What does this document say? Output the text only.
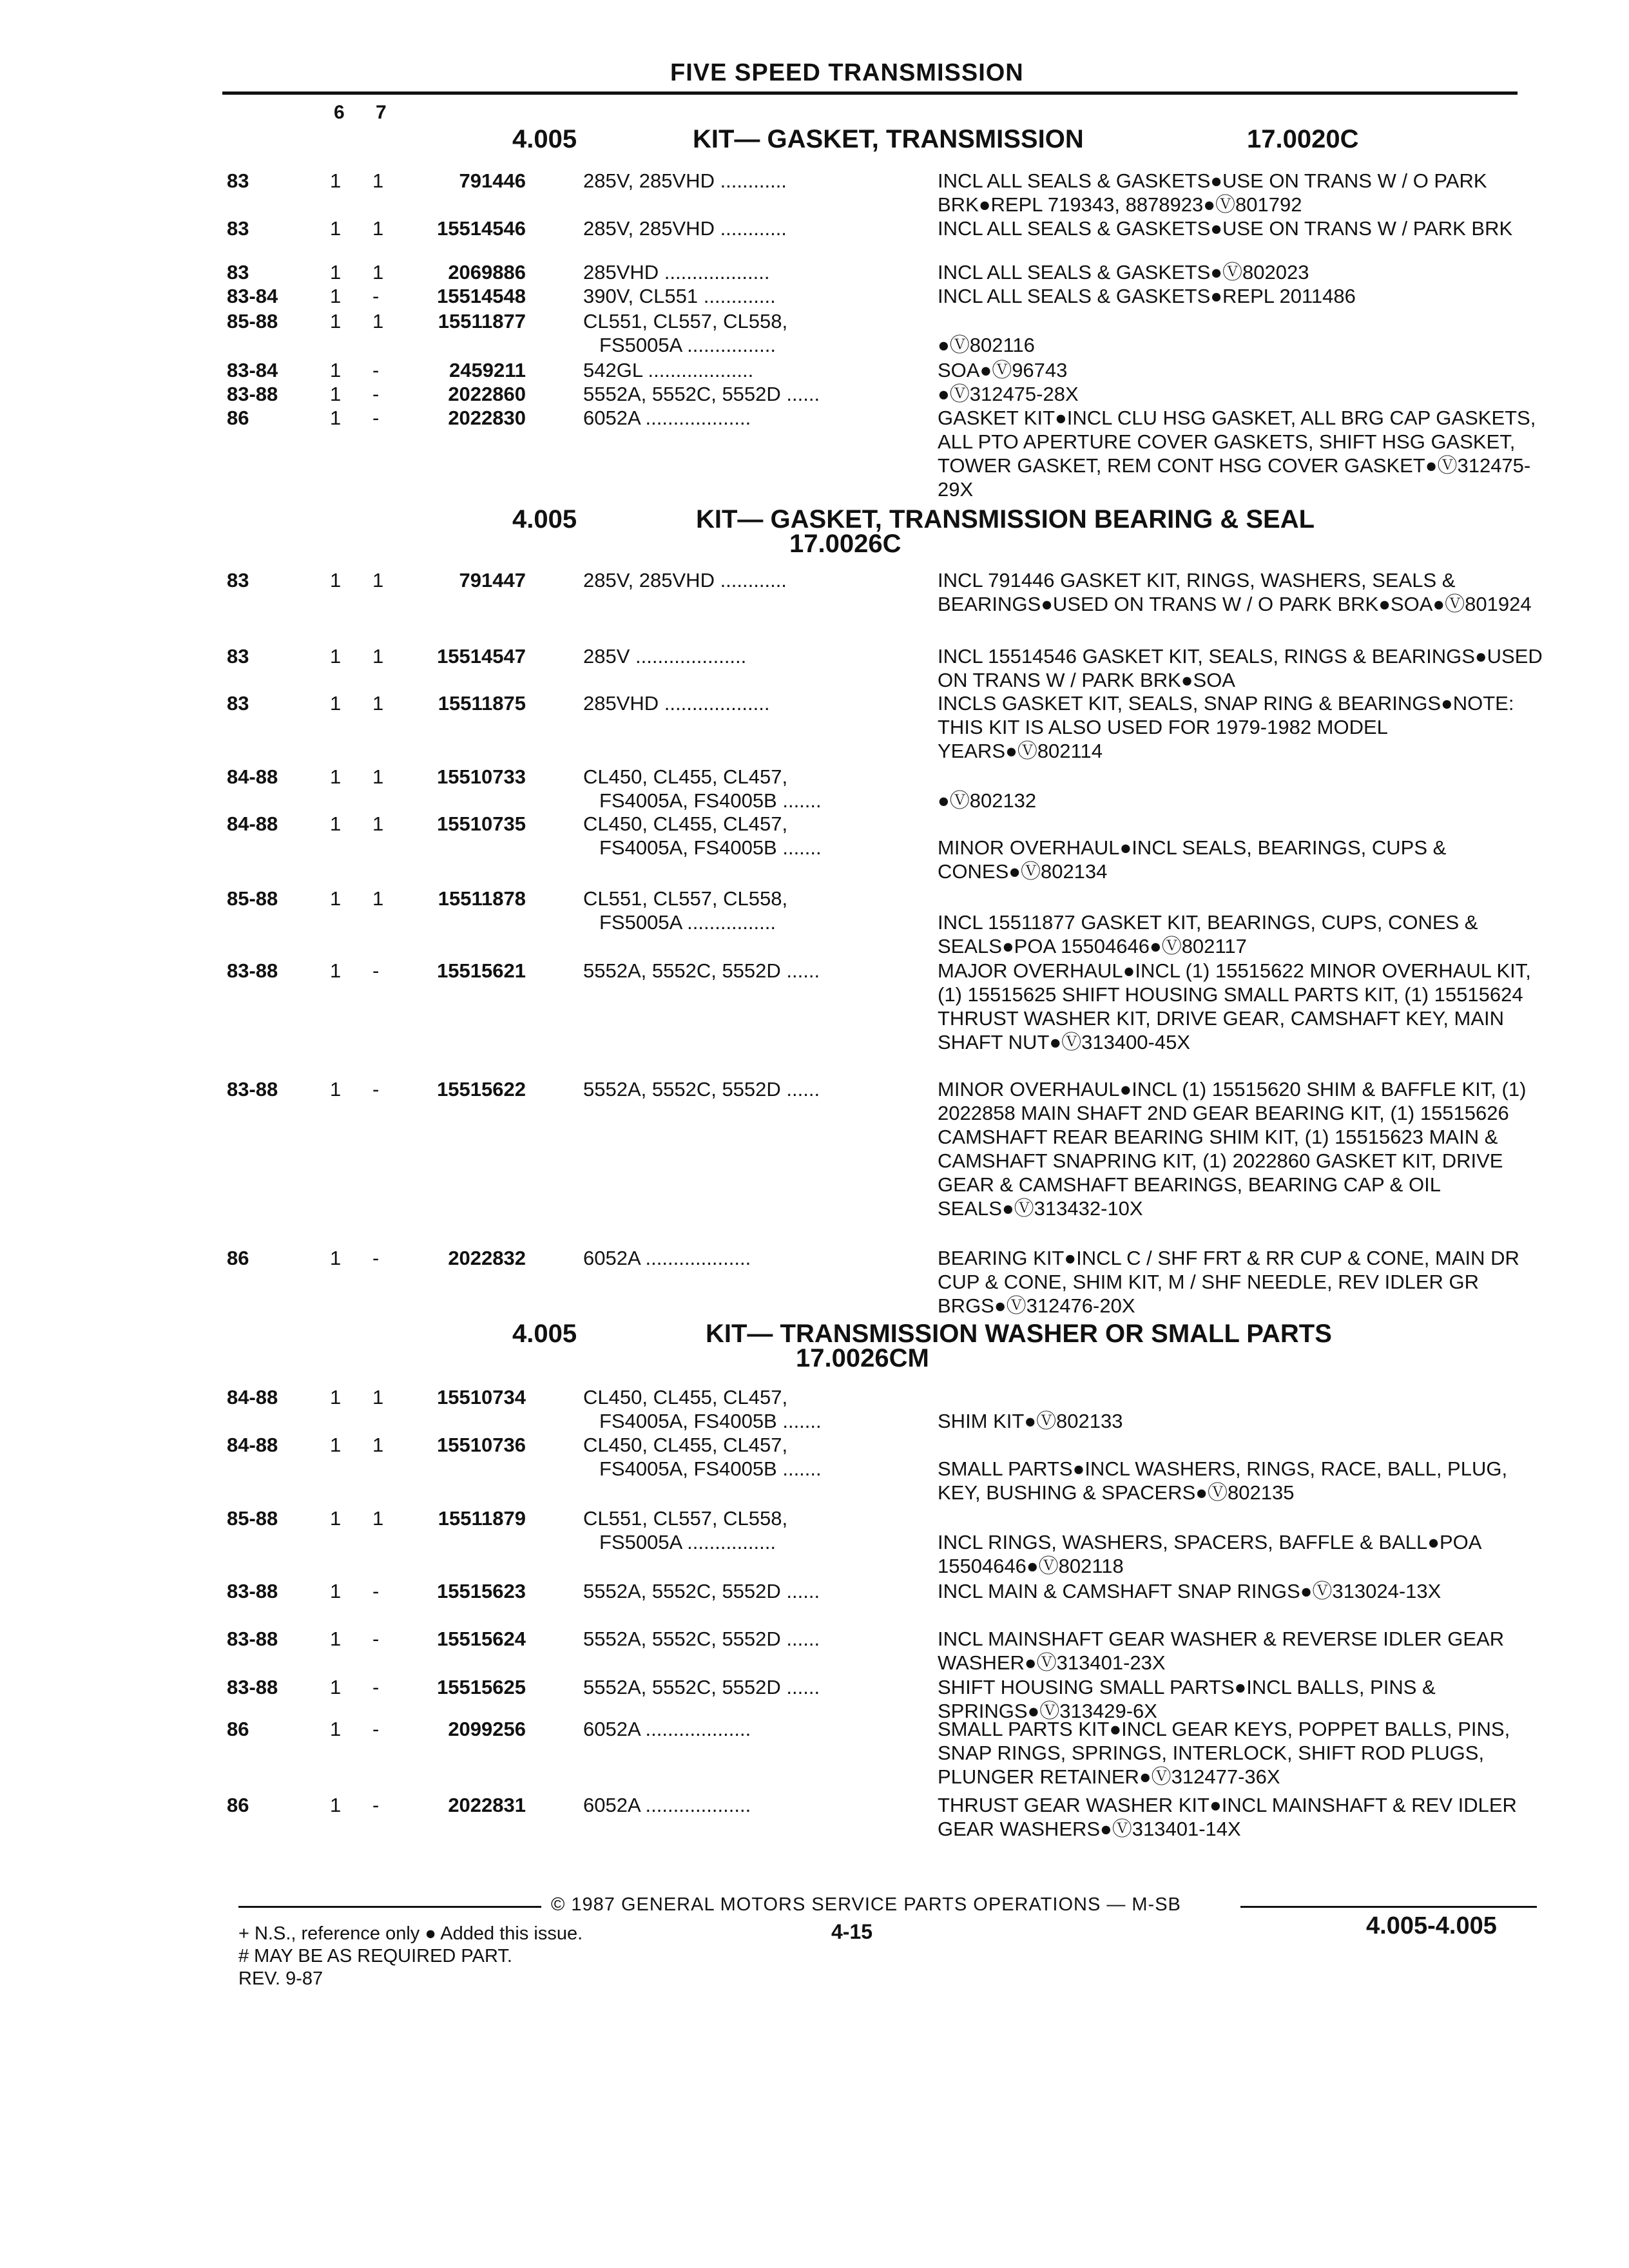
FIVE SPEED TRANSMISSION
6 7
4.005	KIT— GASKET, TRANSMISSION	17.0020C
83	1 1	791446	285V, 285VHD ............	INCL ALL SEALS & GASKETS●USE ON TRANS W / O PARK BRK●REPL 719343, 8878923●Ⓥ801792
83	1 1	15514546	285V, 285VHD ............	INCL ALL SEALS & GASKETS●USE ON TRANS W / PARK BRK
83	1 1	2069886	285VHD ...................	INCL ALL SEALS & GASKETS●Ⓥ802023
83-84	1 -	15514548	390V, CL551 .............	INCL ALL SEALS & GASKETS●REPL 2011486
85-88	1 1	15511877	CL551, CL557, CL558,
FS5005A ................	●Ⓥ802116
83-84	1 -	2459211	542GL ...................	SOA●Ⓥ96743
83-88	1 -	2022860	5552A, 5552C, 5552D ......	●Ⓥ312475-28X
86	1 -	2022830	6052A ...................	GASKET KIT●INCL CLU HSG GASKET, ALL BRG CAP GASKETS, ALL PTO APERTURE COVER GASKETS, SHIFT HSG GASKET, TOWER GASKET, REM CONT HSG COVER GASKET●Ⓥ312475-29X
4.005	KIT— GASKET, TRANSMISSION BEARING & SEAL
17.0026C
83	1 1	791447	285V, 285VHD ............	INCL 791446 GASKET KIT, RINGS, WASHERS, SEALS & BEARINGS●USED ON TRANS W / O PARK BRK●SOA●Ⓥ801924
83	1 1	15514547	285V ....................	INCL 15514546 GASKET KIT, SEALS, RINGS & BEARINGS●USED ON TRANS W / PARK BRK●SOA
83	1 1	15511875	285VHD ...................	INCLS GASKET KIT, SEALS, SNAP RING & BEARINGS●NOTE: THIS KIT IS ALSO USED FOR 1979-1982 MODEL YEARS●Ⓥ802114
84-88	1 1	15510733	CL450, CL455, CL457,
FS4005A, FS4005B .......	●Ⓥ802132
84-88	1 1	15510735	CL450, CL455, CL457,
FS4005A, FS4005B .......	MINOR OVERHAUL●INCL SEALS, BEARINGS, CUPS & CONES●Ⓥ802134
85-88	1 1	15511878	CL551, CL557, CL558,
FS5005A ................	INCL 15511877 GASKET KIT, BEARINGS, CUPS, CONES & SEALS●POA 15504646●Ⓥ802117
83-88	1 -	15515621	5552A, 5552C, 5552D ......	MAJOR OVERHAUL●INCL (1) 15515622 MINOR OVERHAUL KIT, (1) 15515625 SHIFT HOUSING SMALL PARTS KIT, (1) 15515624 THRUST WASHER KIT, DRIVE GEAR, CAMSHAFT KEY, MAIN SHAFT NUT●Ⓥ313400-45X
83-88	1 -	15515622	5552A, 5552C, 5552D ......	MINOR OVERHAUL●INCL (1) 15515620 SHIM & BAFFLE KIT, (1) 2022858 MAIN SHAFT 2ND GEAR BEARING KIT, (1) 15515626 CAMSHAFT REAR BEARING SHIM KIT, (1) 15515623 MAIN & CAMSHAFT SNAPRING KIT, (1) 2022860 GASKET KIT, DRIVE GEAR & CAMSHAFT BEARINGS, BEARING CAP & OIL SEALS●Ⓥ313432-10X
86	1 -	2022832	6052A ...................	BEARING KIT●INCL C / SHF FRT & RR CUP & CONE, MAIN DR CUP & CONE, SHIM KIT, M / SHF NEEDLE, REV IDLER GR BRGS●Ⓥ312476-20X
4.005	KIT— TRANSMISSION WASHER OR SMALL PARTS
17.0026CM
84-88	1 1	15510734	CL450, CL455, CL457,
FS4005A, FS4005B .......	SHIM KIT●Ⓥ802133
84-88	1 1	15510736	CL450, CL455, CL457,
FS4005A, FS4005B .......	SMALL PARTS●INCL WASHERS, RINGS, RACE, BALL, PLUG, KEY, BUSHING & SPACERS●Ⓥ802135
85-88	1 1	15511879	CL551, CL557, CL558,
FS5005A ................	INCL RINGS, WASHERS, SPACERS, BAFFLE & BALL●POA 15504646●Ⓥ802118
83-88	1 -	15515623	5552A, 5552C, 5552D ......	INCL MAIN & CAMSHAFT SNAP RINGS●Ⓥ313024-13X
83-88	1 -	15515624	5552A, 5552C, 5552D ......	INCL MAINSHAFT GEAR WASHER & REVERSE IDLER GEAR WASHER●Ⓥ313401-23X
83-88	1 -	15515625	5552A, 5552C, 5552D ......	SHIFT HOUSING SMALL PARTS●INCL BALLS, PINS & SPRINGS●Ⓥ313429-6X
86	1 -	2099256	6052A ...................	SMALL PARTS KIT●INCL GEAR KEYS, POPPET BALLS, PINS, SNAP RINGS, SPRINGS, INTERLOCK, SHIFT ROD PLUGS, PLUNGER RETAINER●Ⓥ312477-36X
86	1 -	2022831	6052A ...................	THRUST GEAR WASHER KIT●INCL MAINSHAFT & REV IDLER GEAR WASHERS●Ⓥ313401-14X
© 1987 GENERAL MOTORS SERVICE PARTS OPERATIONS — M-SB
+ N.S., reference only ● Added this issue.	4-15	4.005-4.005
# MAY BE AS REQUIRED PART.
REV. 9-87
